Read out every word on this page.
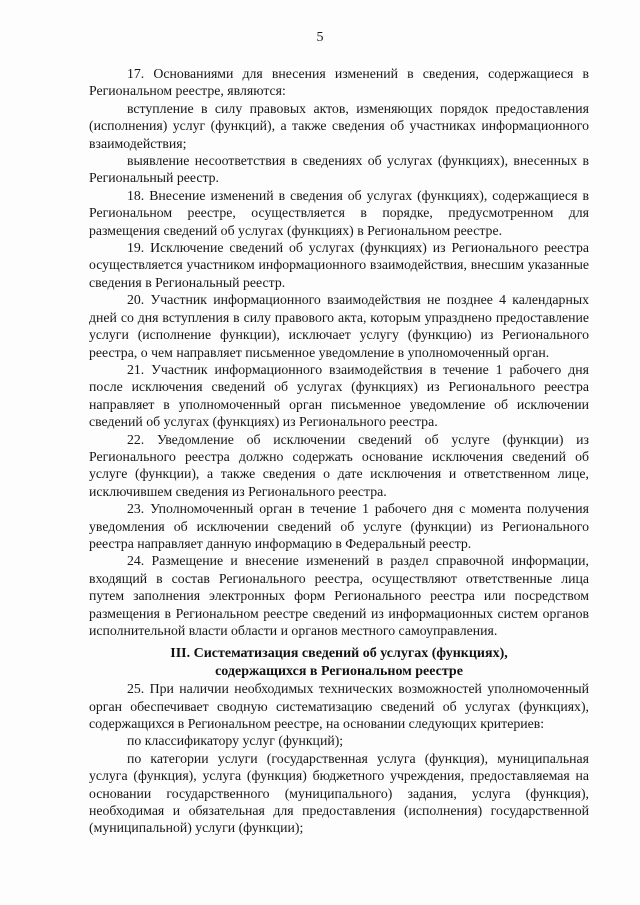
5

17. Основаниями для внесения изменений в сведения, содержащиеся в Региональном реестре, являются:

вступление в силу правовых актов, изменяющих порядок предоставления (исполнения) услуг (функций), а также сведения об участниках информационного взаимодействия;

выявление несоответствия в сведениях об услугах (функциях), внесенных в Региональный реестр.

18. Внесение изменений в сведения об услугах (функциях), содержащиеся в Региональном реестре, осуществляется в порядке, предусмотренном для размещения сведений об услугах (функциях) в Региональном реестре.

19. Исключение сведений об услугах (функциях) из Регионального реестра осуществляется участником информационного взаимодействия, внесшим указанные сведения в Региональный реестр.

20. Участник информационного взаимодействия не позднее 4 календарных дней со дня вступления в силу правового акта, которым упразднено предоставление услуги (исполнение функции), исключает услугу (функцию) из Регионального реестра, о чем направляет письменное уведомление в уполномоченный орган.

21. Участник информационного взаимодействия в течение 1 рабочего дня после исключения сведений об услугах (функциях) из Регионального реестра направляет в уполномоченный орган письменное уведомление об исключении сведений об услугах (функциях) из Регионального реестра.

22. Уведомление об исключении сведений об услуге (функции) из Регионального реестра должно содержать основание исключения сведений об услуге (функции), а также сведения о дате исключения и ответственном лице, исключившем сведения из Регионального реестра.

23. Уполномоченный орган в течение 1 рабочего дня с момента получения уведомления об исключении сведений об услуге (функции) из Регионального реестра направляет данную информацию в Федеральный реестр.

24. Размещение и внесение изменений в раздел справочной информации, входящий в состав Регионального реестра, осуществляют ответственные лица путем заполнения электронных форм Регионального реестра или посредством размещения в Региональном реестре сведений из информационных систем органов исполнительной власти области и органов местного самоуправления.

III. Систематизация сведений об услугах (функциях),
содержащихся в Региональном реестре

25. При наличии необходимых технических возможностей уполномоченный орган обеспечивает сводную систематизацию сведений об услугах (функциях), содержащихся в Региональном реестре, на основании следующих критериев:

по классификатору услуг (функций);

по категории услуги (государственная услуга (функция), муниципальная услуга (функция), услуга (функция) бюджетного учреждения, предоставляемая на основании государственного (муниципального) задания, услуга (функция), необходимая и обязательная для предоставления (исполнения) государственной (муниципальной) услуги (функции);
